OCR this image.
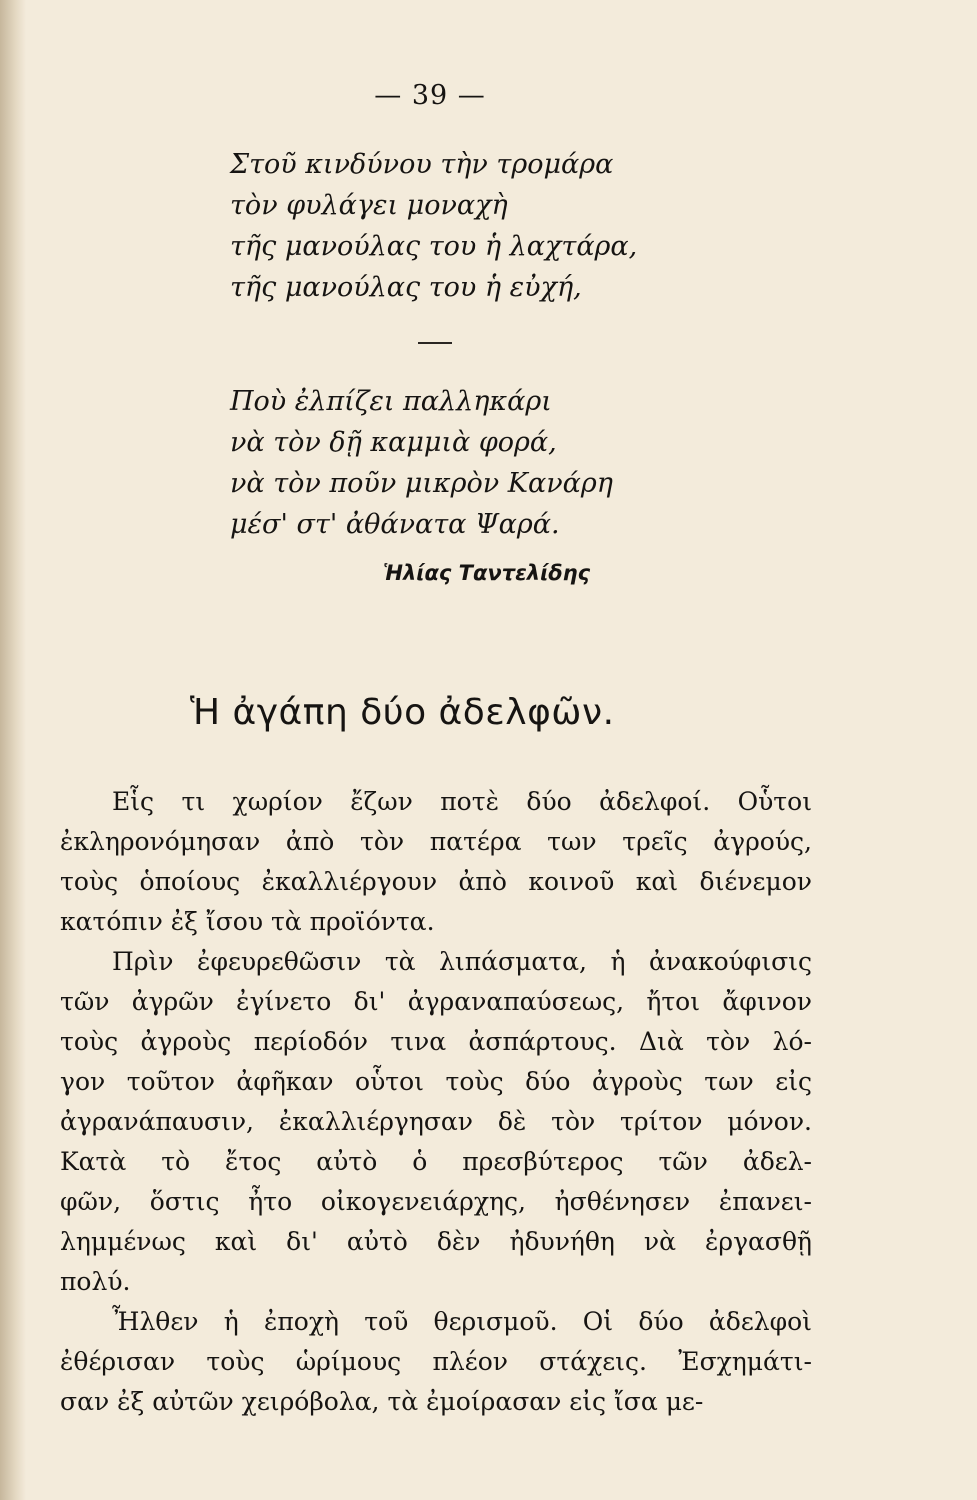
— 39 —
Στοῦ κινδύνου τὴν τρομάρα
τὸν φυλάγει μοναχὴ
τῆς μανούλας του ἡ λαχτάρα,
τῆς μανούλας του ἡ εὐχή,
Ποὺ ἐλπίζει παλληκάρι
νὰ τὸν δῇ καμμιὰ φορά,
νὰ τὸν ποῦν μικρὸν Κανάρη
μέσ' στ' ἀθάνατα Ψαρά.
Ἡλίας Ταντελίδης
Ἡ ἀγάπη δύο ἀδελφῶν.
Εἷς τι χωρίον ἔζων ποτὲ δύο ἀδελφοί. Οὗτοι
ἐκληρονόμησαν ἀπὸ τὸν πατέρα των τρεῖς ἀγρούς,
τοὺς ὁποίους ἐκαλλιέργουν ἀπὸ κοινοῦ καὶ διένεμον
κατόπιν ἐξ ἴσου τὰ προϊόντα.
Πρὶν ἐφευρεθῶσιν τὰ λιπάσματα, ἡ ἀνακούφισις
τῶν ἀγρῶν ἐγίνετο δι' ἀγραναπαύσεως, ἤτοι ἄφινον
τοὺς ἀγροὺς περίοδόν τινα ἀσπάρτους. Διὰ τὸν λό-
γον τοῦτον ἀφῆκαν οὗτοι τοὺς δύο ἀγροὺς των εἰς
ἀγρανάπαυσιν, ἐκαλλιέργησαν δὲ τὸν τρίτον μόνον.
Κατὰ τὸ ἔτος αὐτὸ ὁ πρεσβύτερος τῶν ἀδελ-
φῶν, ὅστις ἦτο οἰκογενειάρχης, ἠσθένησεν ἐπανει-
λημμένως καὶ δι' αὐτὸ δὲν ἠδυνήθη νὰ ἐργασθῇ
πολύ.
Ἦλθεν ἡ ἐποχὴ τοῦ θερισμοῦ. Οἱ δύο ἀδελφοὶ
ἐθέρισαν τοὺς ὡρίμους πλέον στάχεις. Ἐσχημάτι-
σαν ἐξ αὐτῶν χειρόβολα, τὰ ἐμοίρασαν εἰς ἴσα με-
